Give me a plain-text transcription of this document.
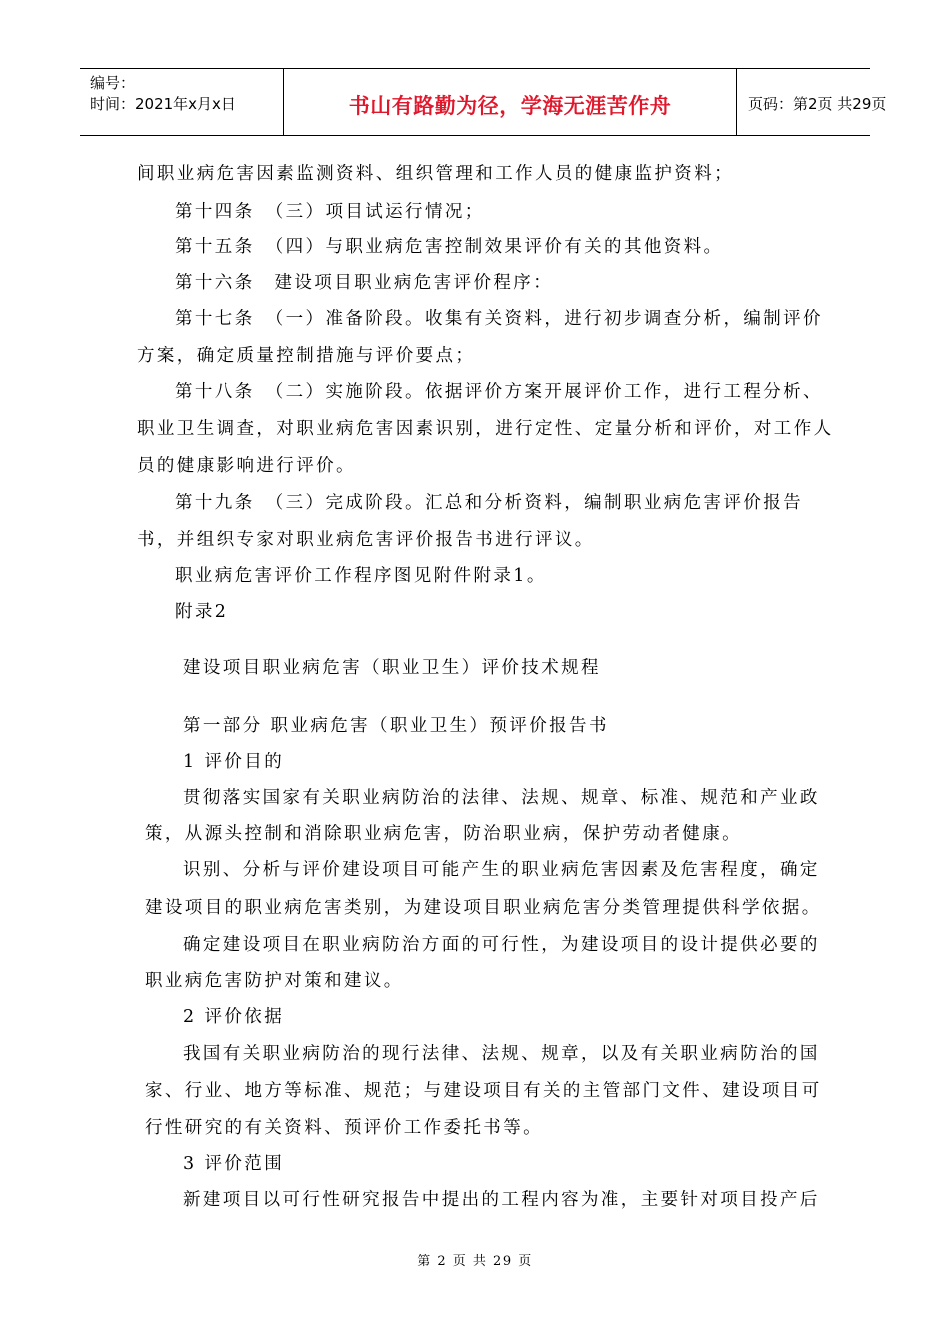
编号：
时间：2021年x月x日	书山有路勤为径，学海无涯苦作舟	页码：第2页 共29页
间职业病危害因素监测资料、组织管理和工作人员的健康监护资料；
第十四条　（三）项目试运行情况；
第十五条　（四）与职业病危害控制效果评价有关的其他资料。
第十六条　建设项目职业病危害评价程序：
第十七条　（一）准备阶段。收集有关资料，进行初步调查分析，编制评价
方案，确定质量控制措施与评价要点；
第十八条　（二）实施阶段。依据评价方案开展评价工作，进行工程分析、
职业卫生调查，对职业病危害因素识别，进行定性、定量分析和评价，对工作人
员的健康影响进行评价。
第十九条　（三）完成阶段。汇总和分析资料，编制职业病危害评价报告
书，并组织专家对职业病危害评价报告书进行评议。
职业病危害评价工作程序图见附件附录1。
附录2
建设项目职业病危害（职业卫生）评价技术规程
第一部分 职业病危害（职业卫生）预评价报告书
1 评价目的
贯彻落实国家有关职业病防治的法律、法规、规章、标准、规范和产业政
策，从源头控制和消除职业病危害，防治职业病，保护劳动者健康。
识别、分析与评价建设项目可能产生的职业病危害因素及危害程度，确定
建设项目的职业病危害类别，为建设项目职业病危害分类管理提供科学依据。
确定建设项目在职业病防治方面的可行性，为建设项目的设计提供必要的
职业病危害防护对策和建议。
2 评价依据
我国有关职业病防治的现行法律、法规、规章，以及有关职业病防治的国
家、行业、地方等标准、规范；与建设项目有关的主管部门文件、建设项目可
行性研究的有关资料、预评价工作委托书等。
3 评价范围
新建项目以可行性研究报告中提出的工程内容为准，主要针对项目投产后
第 2 页 共 29 页
